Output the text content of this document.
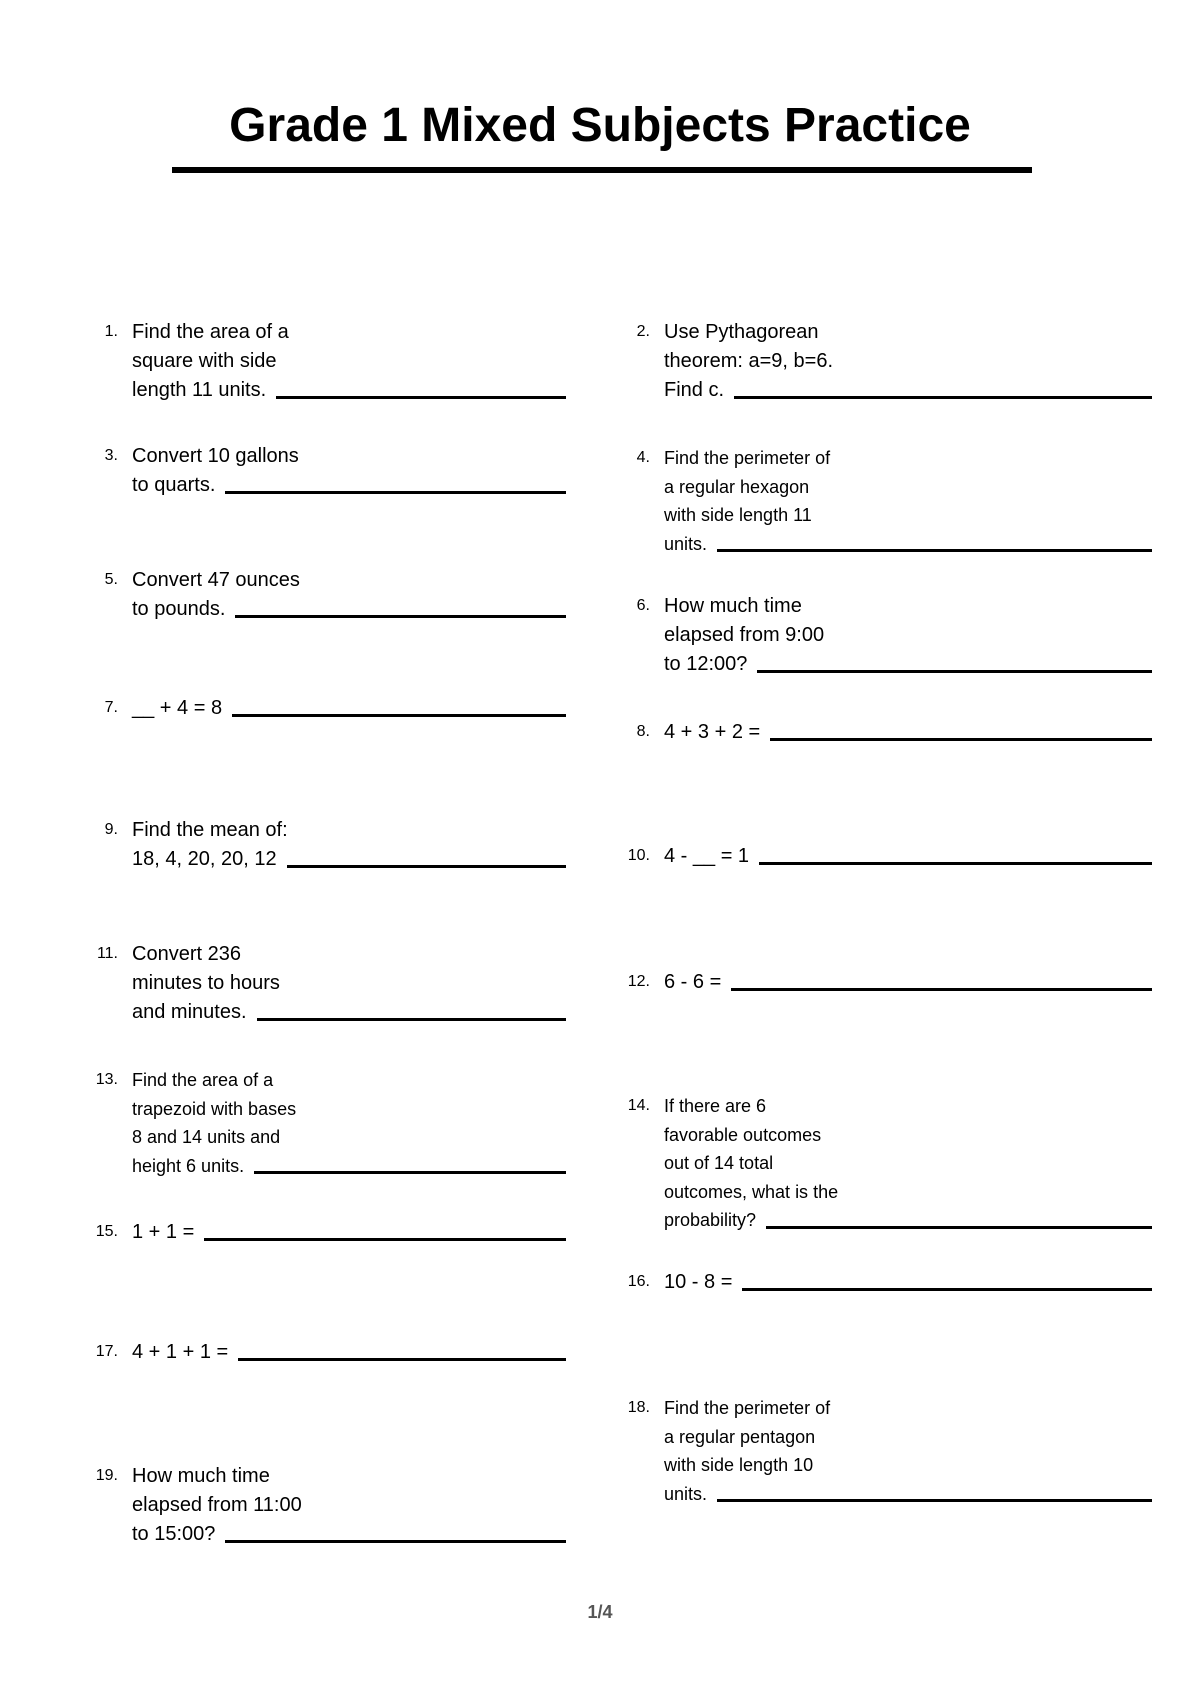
Grade 1 Mixed Subjects Practice
1. Find the area of a
square with side
length 11 units.
2. Use Pythagorean
theorem: a=9, b=6.
Find c.
3. Convert 10 gallons
to quarts.
4. Find the perimeter of
a regular hexagon
with side length 11
units.
5. Convert 47 ounces
to pounds.	6. How much time
elapsed from 9:00
to 12:00?
7. __ + 4 = 8
8. 4 + 3 + 2 =
9. Find the mean of:
18, 4, 20, 20, 12	10. 4 - __ = 1
11. Convert 236
minutes to hours
and minutes.
12. 6 - 6 =
13. Find the area of a
trapezoid with bases
8 and 14 units and
height 6 units.
14. If there are 6
favorable outcomes
out of 14 total
outcomes, what is the
probability?
15. 1 + 1 =
16. 10 - 8 =
17. 4 + 1 + 1 =
18. Find the perimeter of
a regular pentagon
with side length 10
units.
19. How much time
elapsed from 11:00
to 15:00?
1/4
